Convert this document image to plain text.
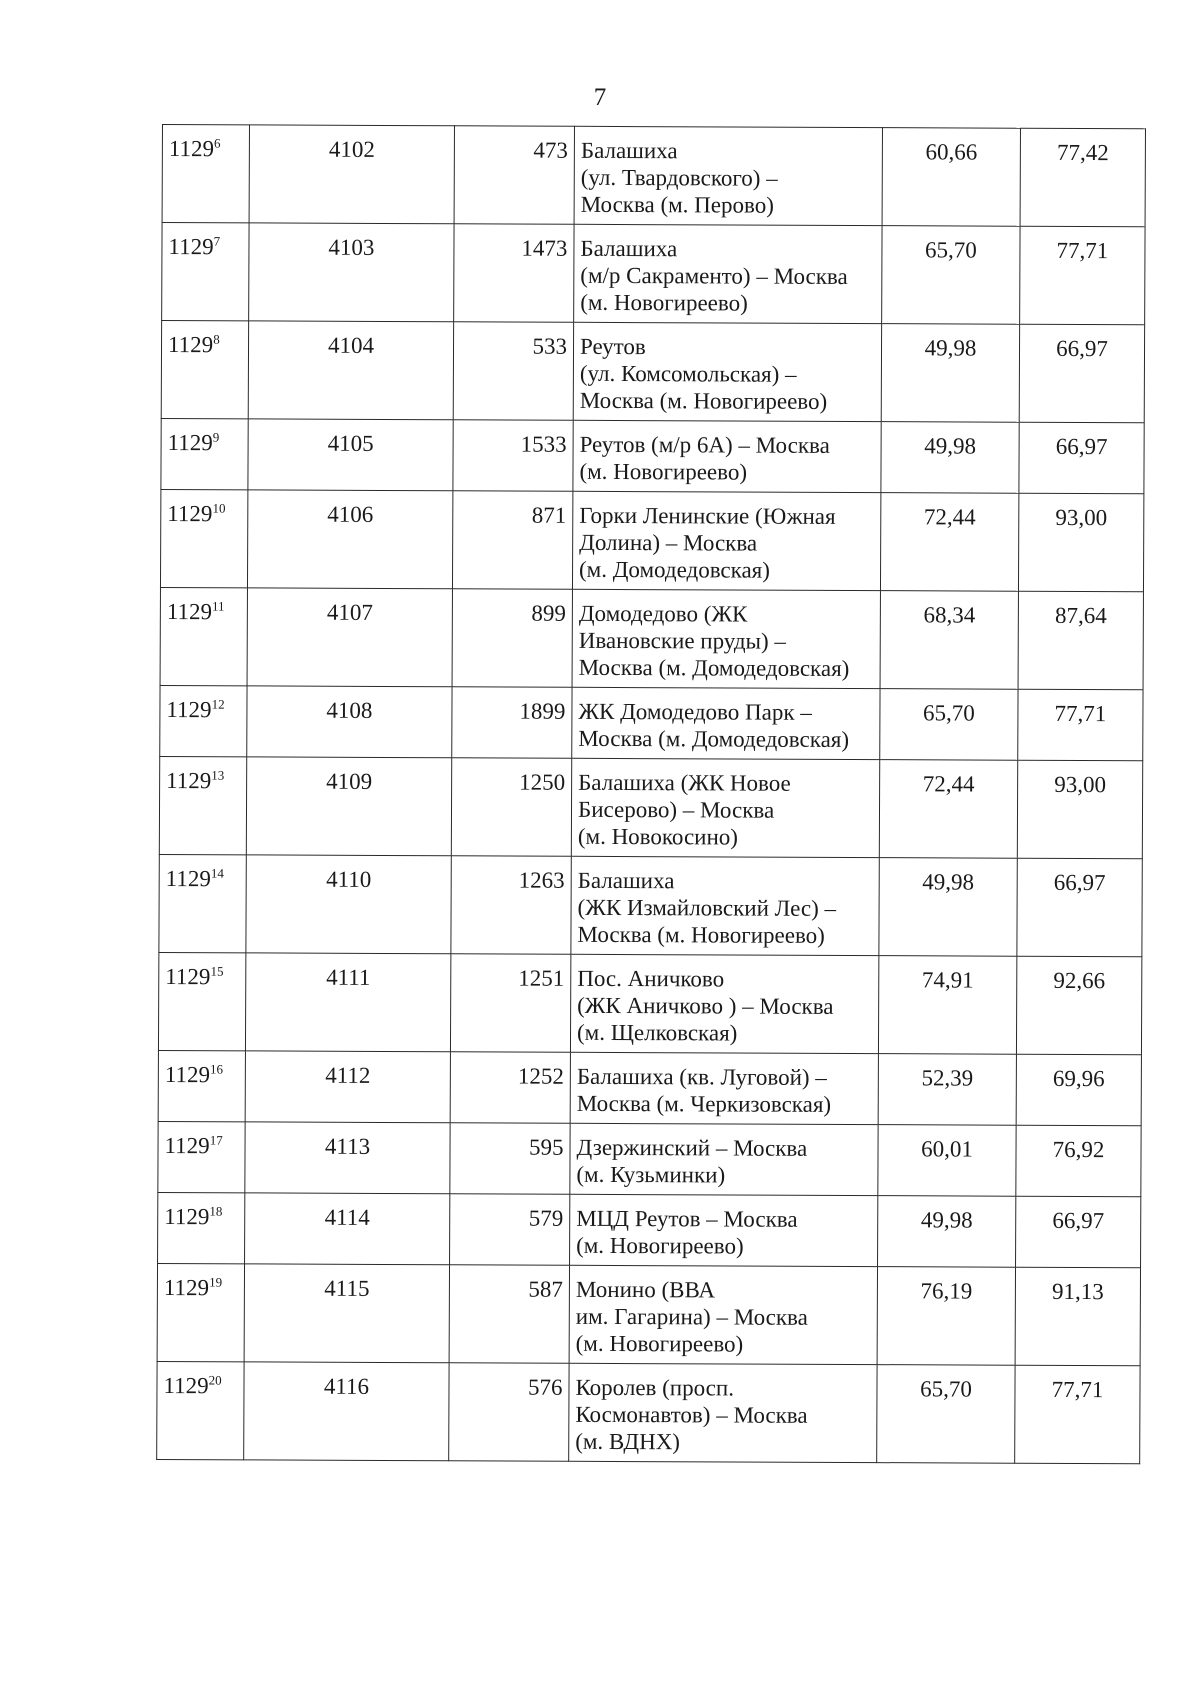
7
1129$^6$	4102	473	Балашиха
(ул. Твардовского) –
Москва (м. Перово)	60,66	77,42
1129$^7$	4103	1473	Балашиха
(м/р Сакраменто) – Москва
(м. Новогиреево)	65,70	77,71
1129$^8$	4104	533	Реутов
(ул. Комсомольская) –
Москва (м. Новогиреево)	49,98	66,97
1129$^9$	4105	1533	Реутов (м/р 6А) – Москва
(м. Новогиреево)	49,98	66,97
1129$^{10}$	4106	871	Горки Ленинские (Южная
Долина) – Москва
(м. Домодедовская)	72,44	93,00
1129$^{11}$	4107	899	Домодедово (ЖК
Ивановские пруды) –
Москва (м. Домодедовская)	68,34	87,64
1129$^{12}$	4108	1899	ЖК Домодедово Парк –
Москва (м. Домодедовская)	65,70	77,71
1129$^{13}$	4109	1250	Балашиха (ЖК Новое
Бисерово) – Москва
(м. Новокосино)	72,44	93,00
1129$^{14}$	4110	1263	Балашиха
(ЖК Измайловский Лес) –
Москва (м. Новогиреево)	49,98	66,97
1129$^{15}$	4111	1251	Пос. Аничково
(ЖК Аничково ) – Москва
(м. Щелковская)	74,91	92,66
1129$^{16}$	4112	1252	Балашиха (кв. Луговой) –
Москва (м. Черкизовская)	52,39	69,96
1129$^{17}$	4113	595	Дзержинский – Москва
(м. Кузьминки)	60,01	76,92
1129$^{18}$	4114	579	МЦД Реутов – Москва
(м. Новогиреево)	49,98	66,97
1129$^{19}$	4115	587	Монино (ВВА
им. Гагарина) – Москва
(м. Новогиреево)	76,19	91,13
1129$^{20}$	4116	576	Королев (просп.
Космонавтов) – Москва
(м. ВДНХ)	65,70	77,71
